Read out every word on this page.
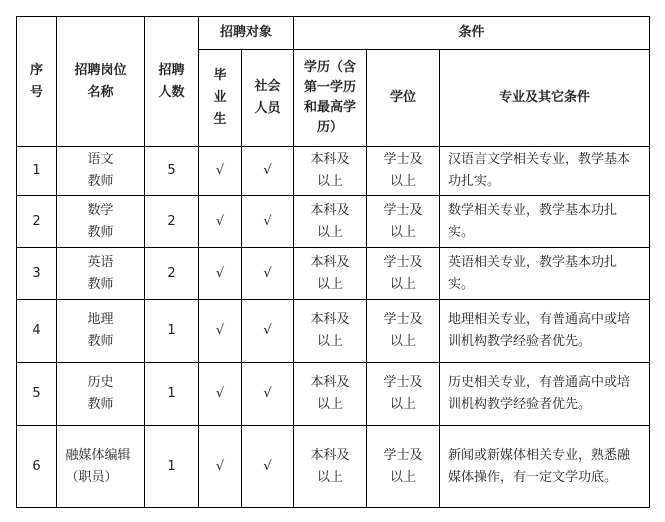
序号	招聘岗位名称	招聘人数	招聘对象		条件		

			毕业生	社会人员	学历（含第一学历和最高学历）	学位	专业及其它条件
1	语文教师	5	√	√	本科及以上	学士及以上	汉语言文学相关专业，教学基本功扎实。
2	数学教师	2	√	√	本科及以上	学士及以上	数学相关专业，教学基本功扎实。
3	英语教师	2	√	√	本科及以上	学士及以上	英语相关专业，教学基本功扎实。
4	地理教师	1	√	√	本科及以上	学士及以上	地理相关专业，有普通高中或培训机构教学经验者优先。
5	历史教师	1	√	√	本科及以上	学士及以上	历史相关专业，有普通高中或培训机构教学经验者优先。
6	融媒体编辑（职员）	1	√	√	本科及以上	学士及以上	新闻或新媒体相关专业，熟悉融媒体操作，有一定文学功底。
